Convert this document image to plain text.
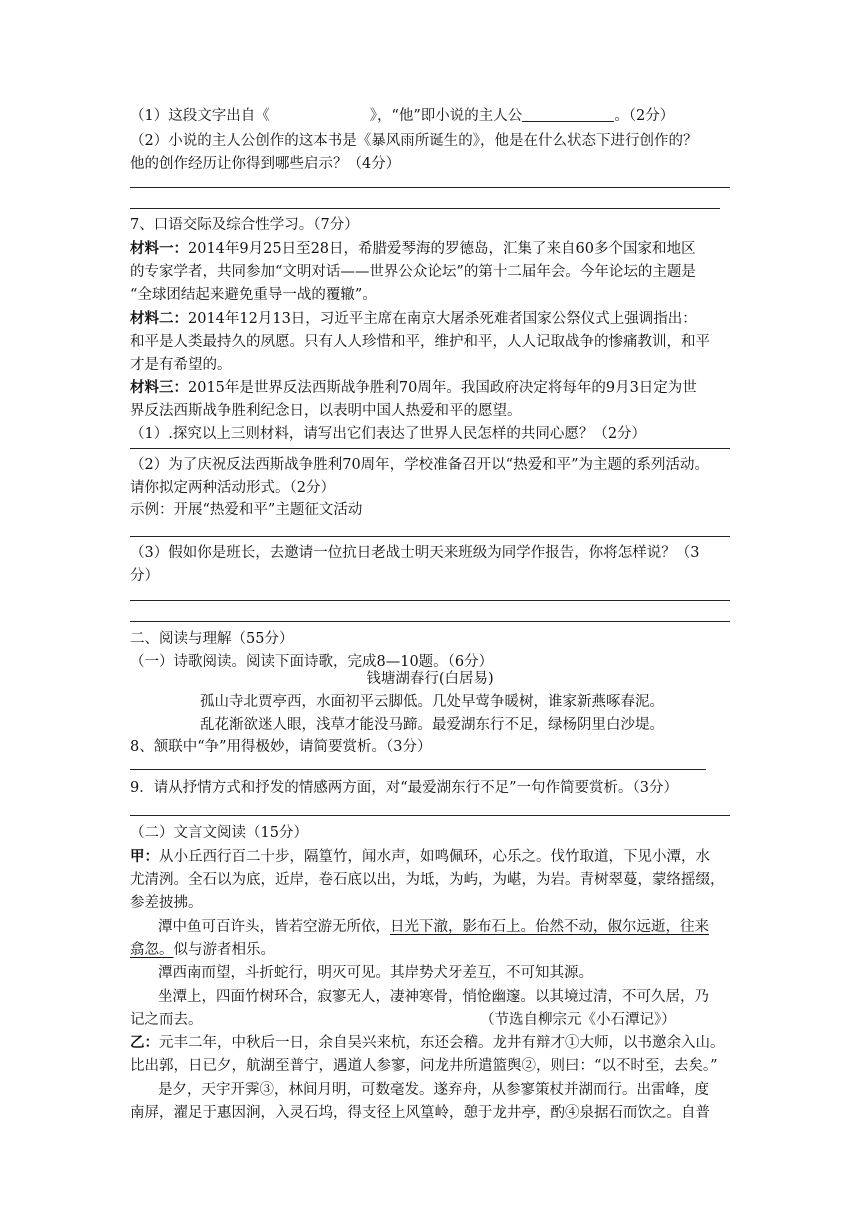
（1）这段文字出自《	》，“他”即小说的主人公	。（2分）
（2）小说的主人公创作的这本书是《暴风雨所诞生的》，他是在什么状态下进行创作的？
他的创作经历让你得到哪些启示？（4分）
7、口语交际及综合性学习。（7分）
材料一：2014年9月25日至28日，希腊爱琴海的罗德岛，汇集了来自60多个国家和地区
的专家学者，共同参加“文明对话——世界公众论坛”的第十二届年会。今年论坛的主题是
“全球团结起来避免重导一战的覆辙”。
材料二：2014年12月13日，习近平主席在南京大屠杀死难者国家公祭仪式上强调指出：
和平是人类最持久的夙愿。只有人人珍惜和平，维护和平，人人记取战争的惨痛教训，和平
才是有希望的。
材料三：2015年是世界反法西斯战争胜利70周年。我国政府决定将每年的9月3日定为世
界反法西斯战争胜利纪念日，以表明中国人热爱和平的愿望。
（1）.探究以上三则材料，请写出它们表达了世界人民怎样的共同心愿？（2分）
（2）为了庆祝反法西斯战争胜利70周年，学校准备召开以“热爱和平”为主题的系列活动。
请你拟定两种活动形式。（2分）
示例：开展“热爱和平”主题征文活动
（3）假如你是班长，去邀请一位抗日老战士明天来班级为同学作报告，你将怎样说？（3
分）
二、阅读与理解（55分）
（一）诗歌阅读。阅读下面诗歌，完成8—10题。（6分）
钱塘湖春行(白居易)
孤山寺北贾亭西，水面初平云脚低。几处早莺争暖树，谁家新燕啄春泥。
乱花渐欲迷人眼，浅草才能没马蹄。最爱湖东行不足，绿杨阴里白沙堤。
8、颔联中“争”用得极妙，请简要赏析。（3分）
9．请从抒情方式和抒发的情感两方面，对“最爱湖东行不足”一句作简要赏析。（3分）
（二）文言文阅读（15分）
甲：从小丘西行百二十步，隔篁竹，闻水声，如鸣佩环，心乐之。伐竹取道，下见小潭，水
尤清洌。全石以为底，近岸，卷石底以出，为坻，为屿，为嵁，为岩。青树翠蔓，蒙络摇缀，
参差披拂。
潭中鱼可百许头，皆若空游无所依，日光下澈，影布石上。佁然不动，俶尔远逝，往来
翕忽。似与游者相乐。
潭西南而望，斗折蛇行，明灭可见。其岸势犬牙差互，不可知其源。
坐潭上，四面竹树环合，寂寥无人，凄神寒骨，悄怆幽邃。以其境过清，不可久居，乃
记之而去。	（节选自柳宗元《小石潭记》）
乙：元丰二年，中秋后一日，余自吴兴来杭，东还会稽。龙井有辩才①大师，以书邀余入山。
比出郭，日已夕，航湖至普宁，遇道人参寥，问龙井所遣篮舆②，则曰：“以不时至，去矣。”
是夕，天宇开霁③，林间月明，可数毫发。遂弃舟，从参寥策杖并湖而行。出雷峰，度
南屏，濯足于惠因涧，入灵石坞，得支径上风篁岭，憩于龙井亭，酌④泉据石而饮之。自普
